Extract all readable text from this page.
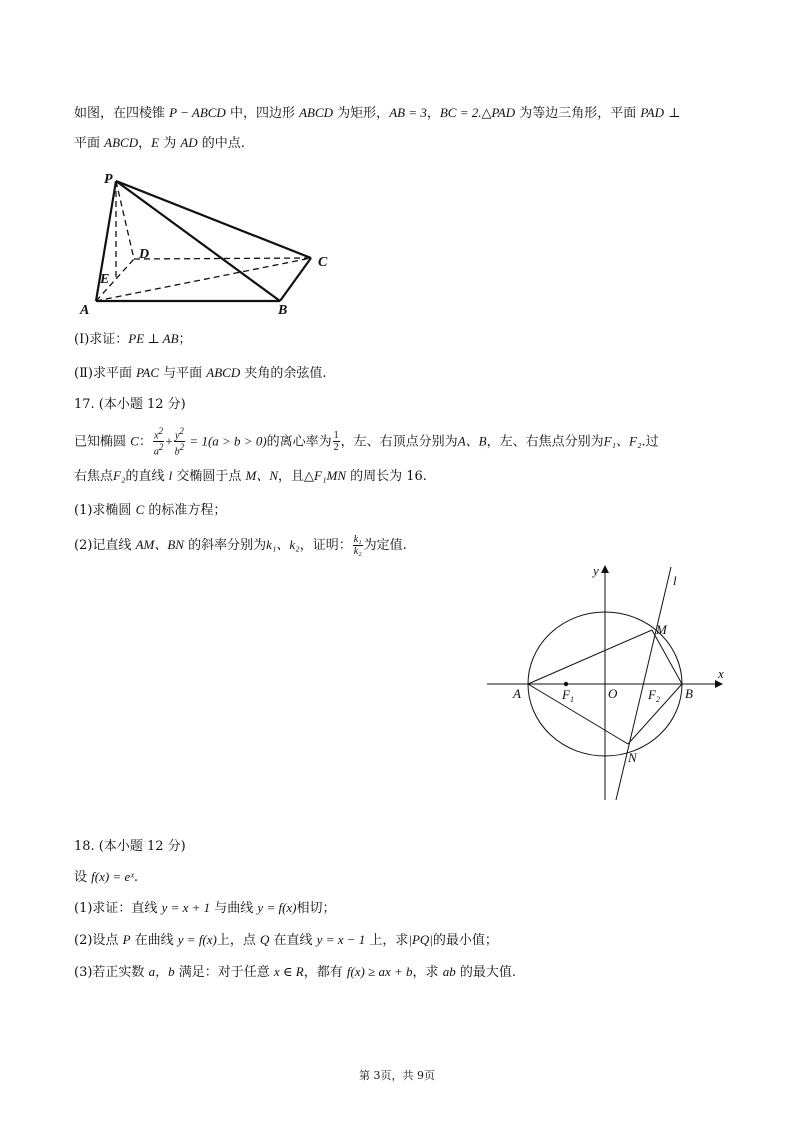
如图，在四棱锥 P − ABCD 中，四边形 ABCD 为矩形，AB = 3，BC = 2.△PAD 为等边三角形，平面 PAD ⊥
平面 ABCD，E 为 AD 的中点.
P
D
C
E
A	B
(Ⅰ)求证：PE ⊥ AB；
(Ⅱ)求平面 PAC 与平面 ABCD 夹角的余弦值.
17. (本小题 12 分)
已知椭圆 C： $\frac{x^2}{a^2} + \frac{y^2}{b^2} = 1(a > b > 0)$的离心率为 $\frac{1}{2}$ ，左、右顶点分别为A、B，左、右焦点分别为F₁、F₂.过
右焦点F₂的直线 l 交椭圆于点 M、N，且△F₁MN 的周长为 16.
(1)求椭圆 C 的标准方程；
(2)记直线 AM、BN 的斜率分别为k₁、k₂，证明： $\frac{\text{k₁}}{\text{k₂}}$ 为定值.
y
x
l
M
A	$F_1$	O $F_2$ B
N
18. (本小题 12 分)
设 f(x) = eˣ.
(1)求证：直线 y = x + 1 与曲线 y = f(x)相切；
(2)设点 P 在曲线 y = f(x)上，点 Q 在直线 y = x − 1 上，求|PQ|的最小值；
(3)若正实数 a，b 满足：对于任意 x ∈ R，都有 f(x) ≥ ax + b，求 ab 的最大值.
第 3页，共 9页
